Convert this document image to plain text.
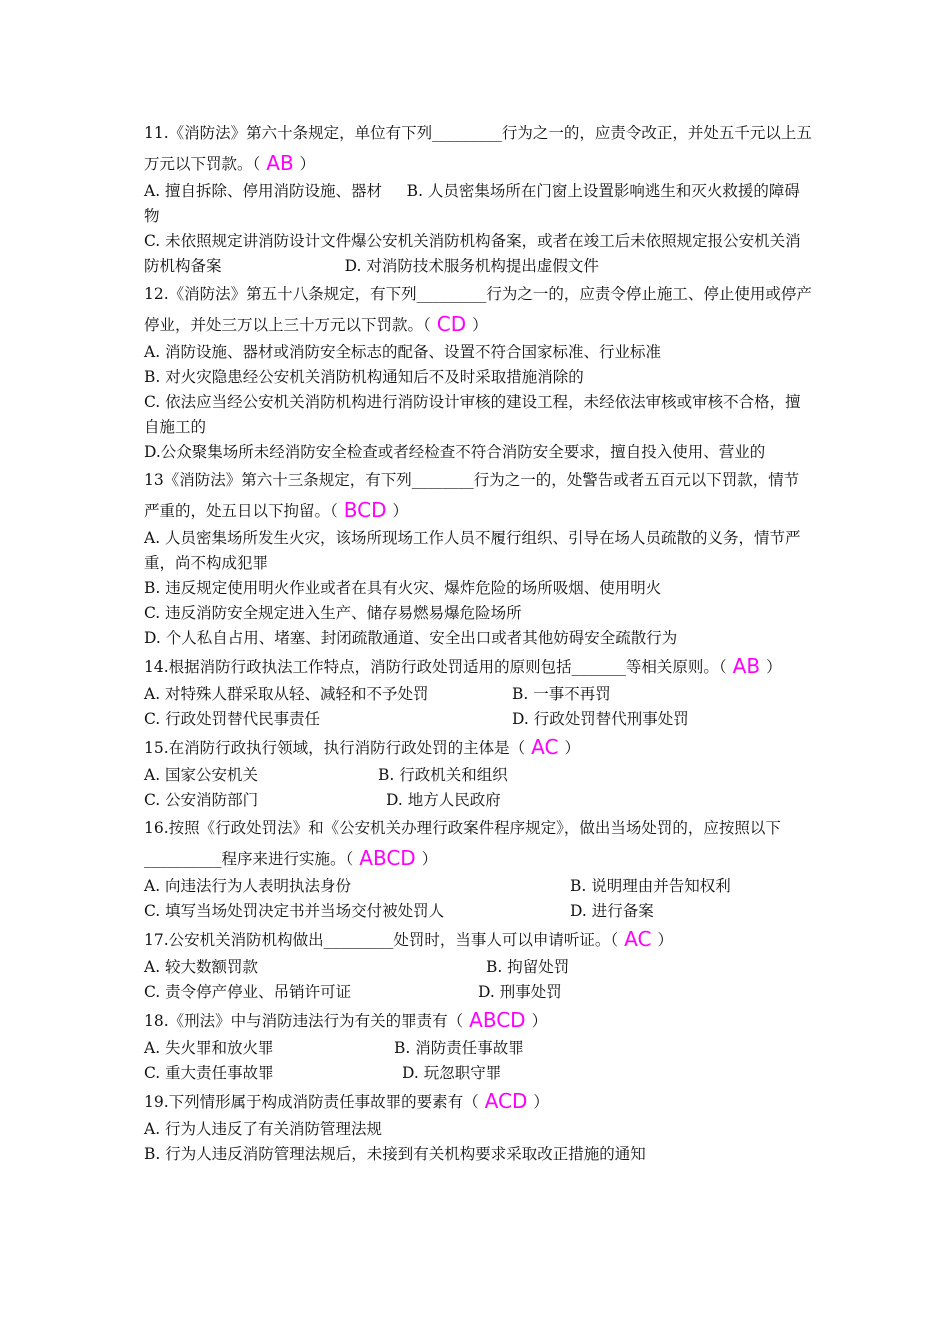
11.《消防法》第六十条规定，单位有下列_________行为之一的，应责令改正，并处五千元以上五万元以下罚款。（ AB ）

A. 擅自拆除、停用消防设施、器材     B. 人员密集场所在门窗上设置影响逃生和灭火救援的障碍物

C. 未依照规定讲消防设计文件爆公安机关消防机构备案，或者在竣工后未依照规定报公安机关消防机构备案                         D. 对消防技术服务机构提出虚假文件

12.《消防法》第五十八条规定，有下列_________行为之一的，应责令停止施工、停止使用或停产停业，并处三万以上三十万元以下罚款。（ CD ）

A. 消防设施、器材或消防安全标志的配备、设置不符合国家标准、行业标准

B. 对火灾隐患经公安机关消防机构通知后不及时采取措施消除的

C. 依法应当经公安机关消防机构进行消防设计审核的建设工程，未经依法审核或审核不合格，擅自施工的

D.公众聚集场所未经消防安全检查或者经检查不符合消防安全要求，擅自投入使用、营业的

13《消防法》第六十三条规定，有下列________行为之一的，处警告或者五百元以下罚款，情节严重的，处五日以下拘留。（ BCD ）

A. 人员密集场所发生火灾，该场所现场工作人员不履行组织、引导在场人员疏散的义务，情节严重，尚不构成犯罪

B. 违反规定使用明火作业或者在具有火灾、爆炸危险的场所吸烟、使用明火

C. 违反消防安全规定进入生产、储存易燃易爆危险场所

D. 个人私自占用、堵塞、封闭疏散通道、安全出口或者其他妨碍安全疏散行为

14.根据消防行政执法工作特点，消防行政处罚适用的原则包括_______等相关原则。（ AB ）

A. 对特殊人群采取从轻、减轻和不予处罚	B. 一事不再罚
C. 行政处罚替代民事责任	D. 行政处罚替代刑事处罚

15.在消防行政执行领域，执行消防行政处罚的主体是（ AC ）

A. 国家公安机关	B. 行政机关和组织
C. 公安消防部门	D. 地方人民政府

16.按照《行政处罚法》和《公安机关办理行政案件程序规定》，做出当场处罚的，应按照以下__________程序来进行实施。（ ABCD ）

A. 向违法行为人表明执法身份	B. 说明理由并告知权利
C. 填写当场处罚决定书并当场交付被处罚人	D. 进行备案

17.公安机关消防机构做出_________处罚时，当事人可以申请听证。（ AC ）

A. 较大数额罚款	B. 拘留处罚
C. 责令停产停业、吊销许可证	D. 刑事处罚

18.《刑法》中与消防违法行为有关的罪责有（ ABCD ）

A. 失火罪和放火罪	B. 消防责任事故罪
C. 重大责任事故罪	D. 玩忽职守罪

19.下列情形属于构成消防责任事故罪的要素有（ ACD ）

A. 行为人违反了有关消防管理法规

B. 行为人违反消防管理法规后，未接到有关机构要求采取改正措施的通知
